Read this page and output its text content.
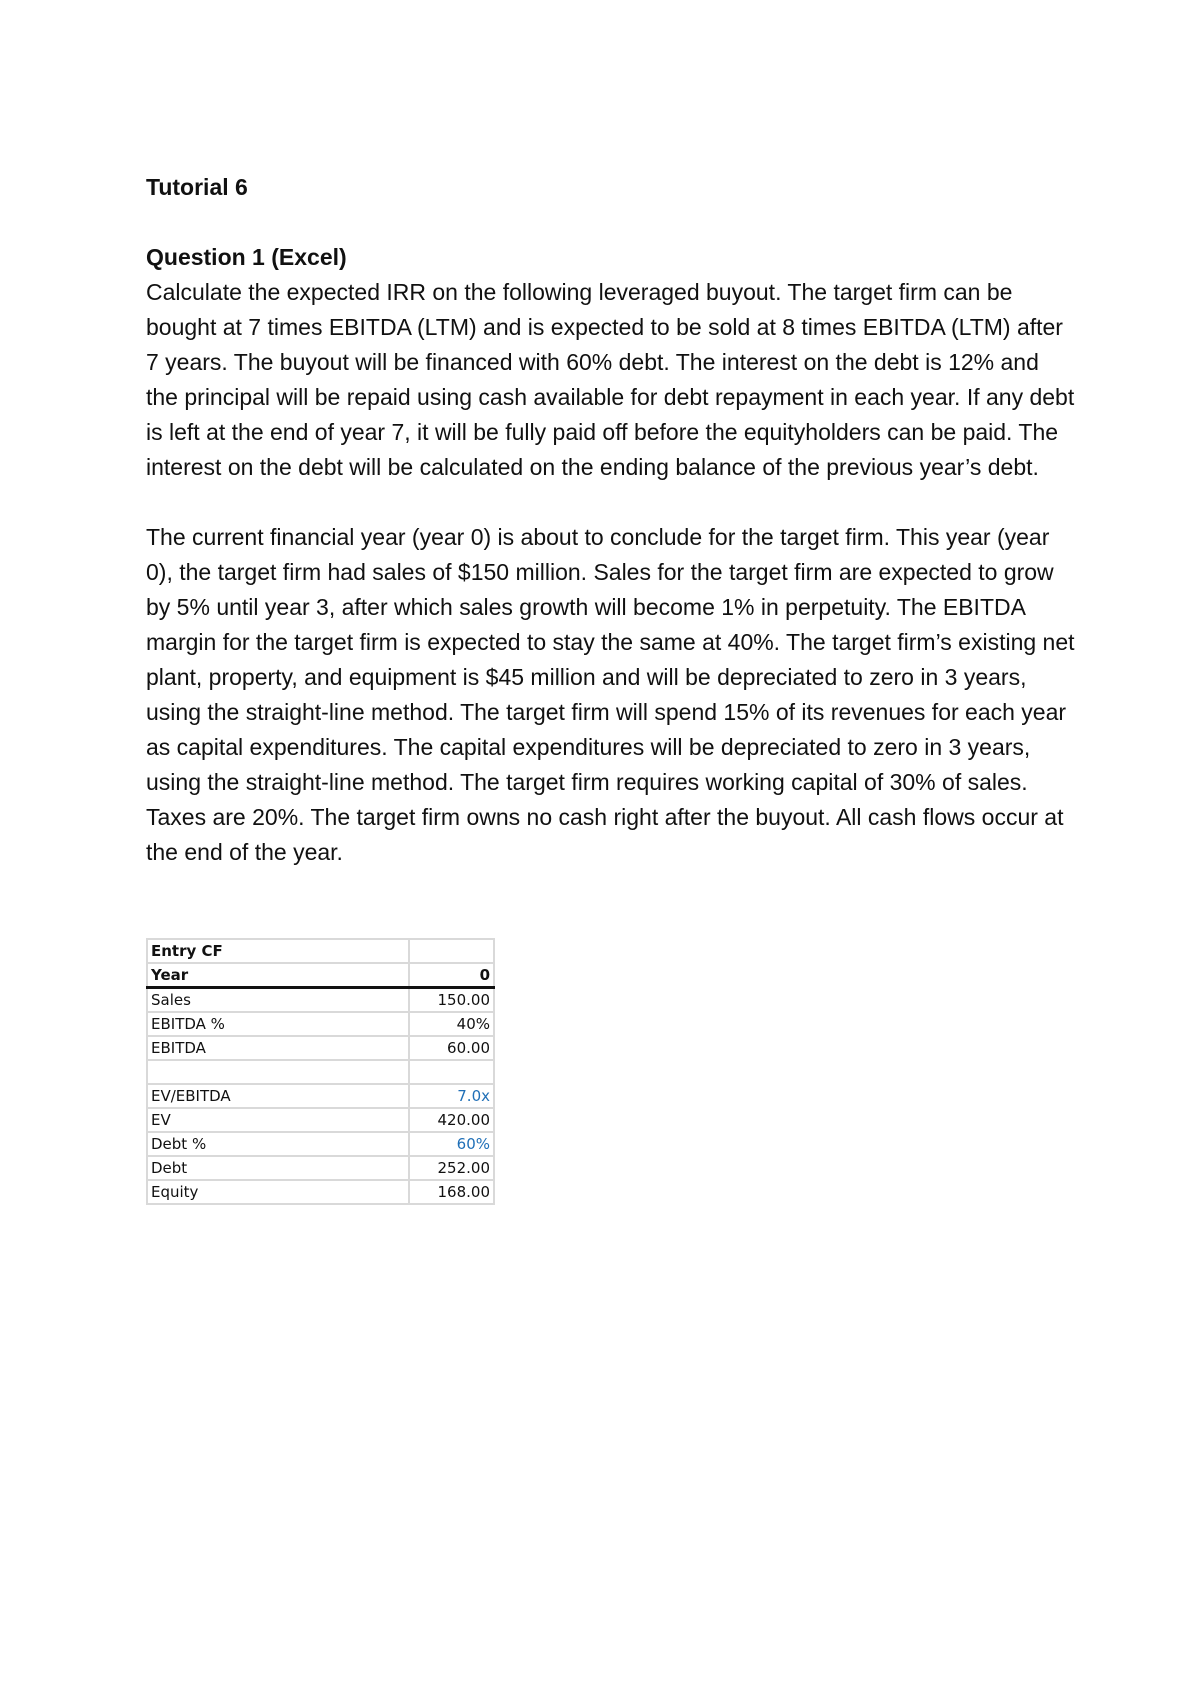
Tutorial 6
Question 1 (Excel)

Calculate the expected IRR on the following leveraged buyout. The target firm can be bought at 7 times EBITDA (LTM) and is expected to be sold at 8 times EBITDA (LTM) after 7 years. The buyout will be financed with 60% debt. The interest on the debt is 12% and the principal will be repaid using cash available for debt repayment in each year. If any debt is left at the end of year 7, it will be fully paid off before the equityholders can be paid. The interest on the debt will be calculated on the ending balance of the previous year’s debt.

The current financial year (year 0) is about to conclude for the target firm. This year (year 0), the target firm had sales of $150 million. Sales for the target firm are expected to grow by 5% until year 3, after which sales growth will become 1% in perpetuity. The EBITDA margin for the target firm is expected to stay the same at 40%. The target firm’s existing net plant, property, and equipment is $45 million and will be depreciated to zero in 3 years, using the straight-line method. The target firm will spend 15% of its revenues for each year as capital expenditures. The capital expenditures will be depreciated to zero in 3 years, using the straight-line method. The target firm requires working capital of 30% of sales. Taxes are 20%. The target firm owns no cash right after the buyout. All cash flows occur at the end of the year.

Entry CF	
Year	0
Sales	150.00
EBITDA %	40%
EBITDA	60.00

EV/EBITDA	7.0x
EV	420.00
Debt %	60%
Debt	252.00
Equity	168.00
